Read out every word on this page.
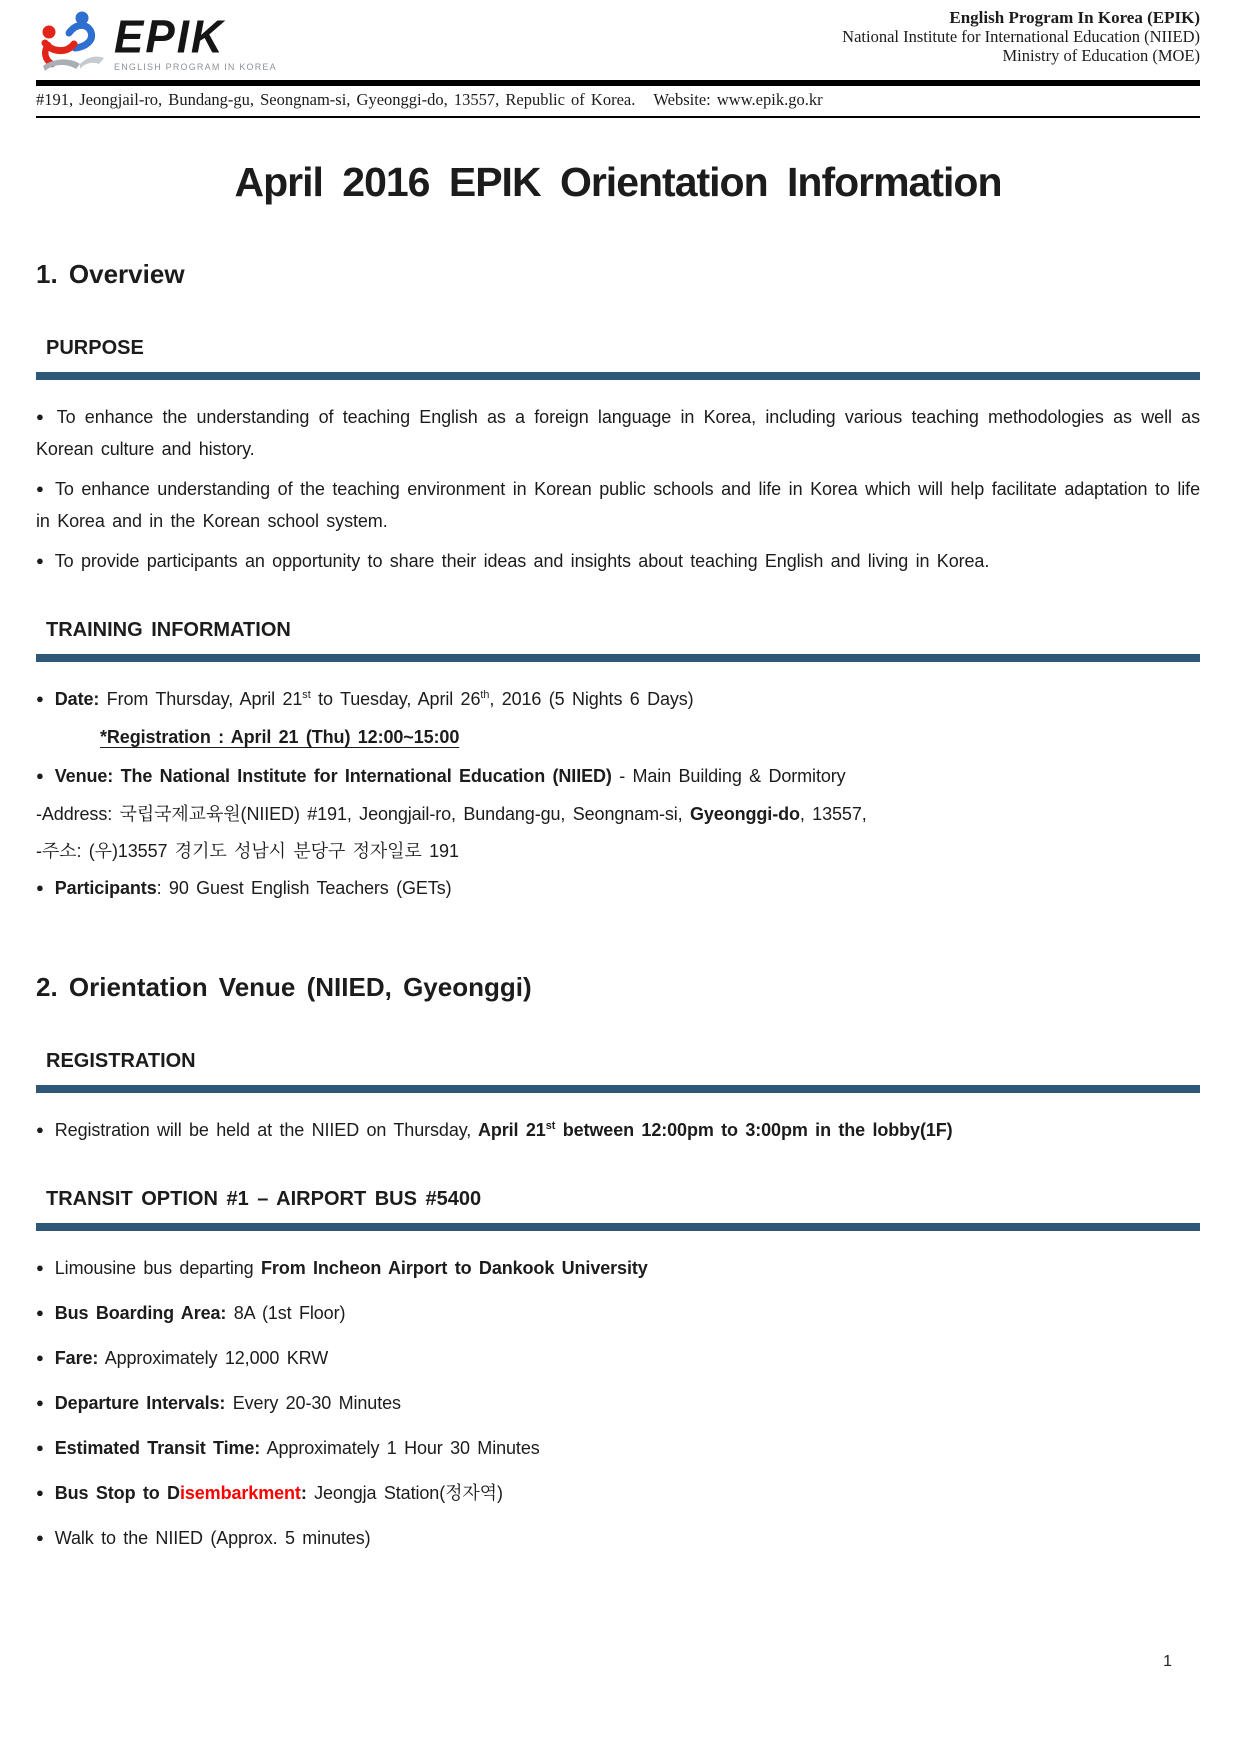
EPIK
ENGLISH PROGRAM IN KOREA
English Program In Korea (EPIK)
National Institute for International Education (NIIED)
Ministry of Education (MOE)
#191, Jeongjail-ro, Bundang-gu, Seongnam-si, Gyeonggi-do, 13557, Republic of Korea.   Website: www.epik.go.kr
April 2016 EPIK Orientation Information
1. Overview
PURPOSE

● To enhance the understanding of teaching English as a foreign language in Korea, including various teaching methodologies as well as Korean culture and history.

● To enhance understanding of the teaching environment in Korean public schools and life in Korea which will help facilitate adaptation to life in Korea and in the Korean school system.

● To provide participants an opportunity to share their ideas and insights about teaching English and living in Korea.

TRAINING INFORMATION

● Date: From Thursday, April 21st to Tuesday, April 26th, 2016 (5 Nights 6 Days)

*Registration : April 21 (Thu) 12:00~15:00

● Venue: The National Institute for International Education (NIIED) - Main Building & Dormitory

-Address: 국립국제교육원(NIIED) #191, Jeongjail-ro, Bundang-gu, Seongnam-si, Gyeonggi-do, 13557,

-주소: (우)13557 경기도 성남시 분당구 정자일로 191

● Participants: 90 Guest English Teachers (GETs)

2. Orientation Venue (NIIED, Gyeonggi)
REGISTRATION

● Registration will be held at the NIIED on Thursday, April 21st between 12:00pm to 3:00pm in the lobby(1F)

TRANSIT OPTION #1 – AIRPORT BUS #5400

● Limousine bus departing From Incheon Airport to Dankook University

● Bus Boarding Area: 8A (1st Floor)

● Fare: Approximately 12,000 KRW

● Departure Intervals: Every 20-30 Minutes

● Estimated Transit Time: Approximately 1 Hour 30 Minutes

● Bus Stop to Disembarkment: Jeongja Station(정자역)

● Walk to the NIIED (Approx. 5 minutes)

1
